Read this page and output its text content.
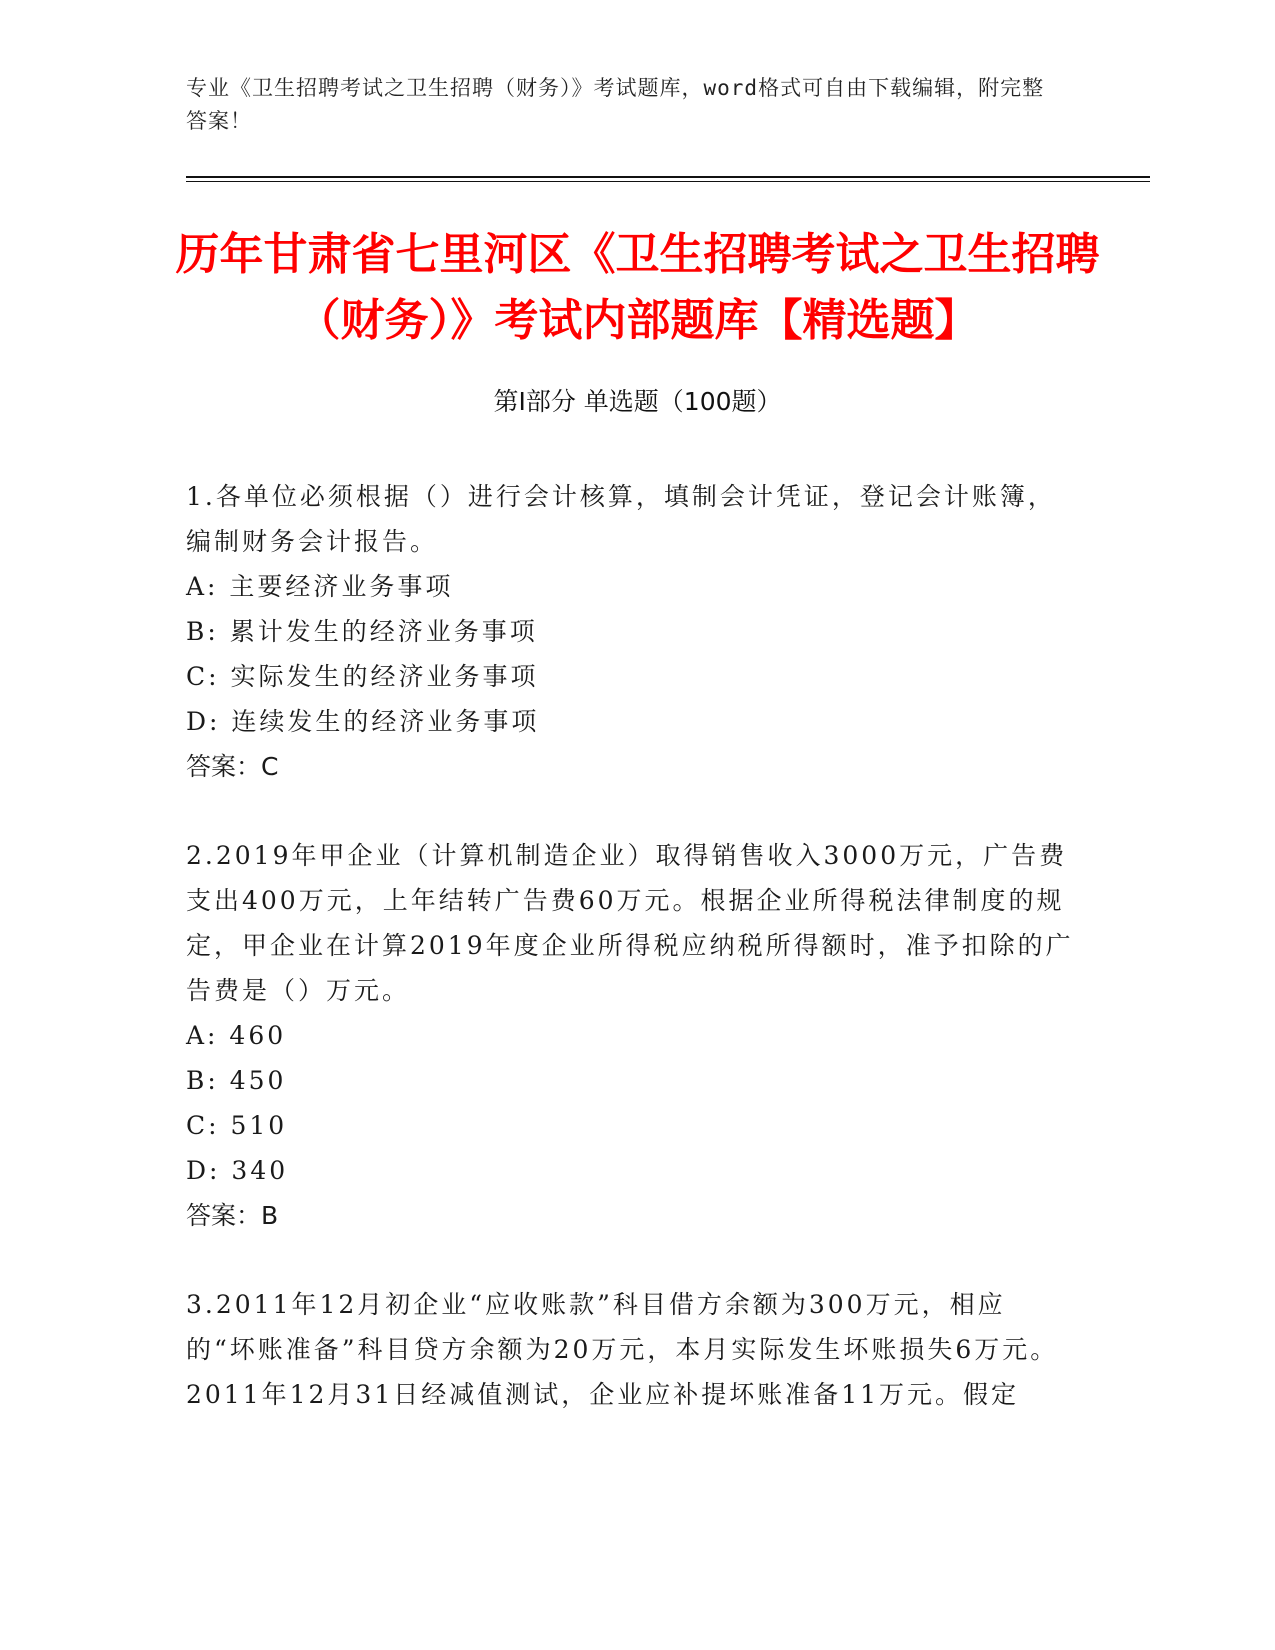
专业《卫生招聘考试之卫生招聘（财务）》考试题库，word格式可自由下载编辑，附完整答案！
历年甘肃省七里河区《卫生招聘考试之卫生招聘（财务）》考试内部题库【精选题】
第Ⅰ部分 单选题（100题）

1.各单位必须根据（）进行会计核算，填制会计凭证，登记会计账簿，编制财务会计报告。

A: 主要经济业务事项

B: 累计发生的经济业务事项

C: 实际发生的经济业务事项

D: 连续发生的经济业务事项

答案：C

2.2019年甲企业（计算机制造企业）取得销售收入3000万元，广告费支出400万元，上年结转广告费60万元。根据企业所得税法律制度的规定，甲企业在计算2019年度企业所得税应纳税所得额时，准予扣除的广告费是（）万元。

A: 460

B: 450

C: 510

D: 340

答案：B

3.2011年12月初企业“应收账款”科目借方余额为300万元，相应的“坏账准备”科目贷方余额为20万元，本月实际发生坏账损失6万元。2011年12月31日经减值测试，企业应补提坏账准备11万元。假定
